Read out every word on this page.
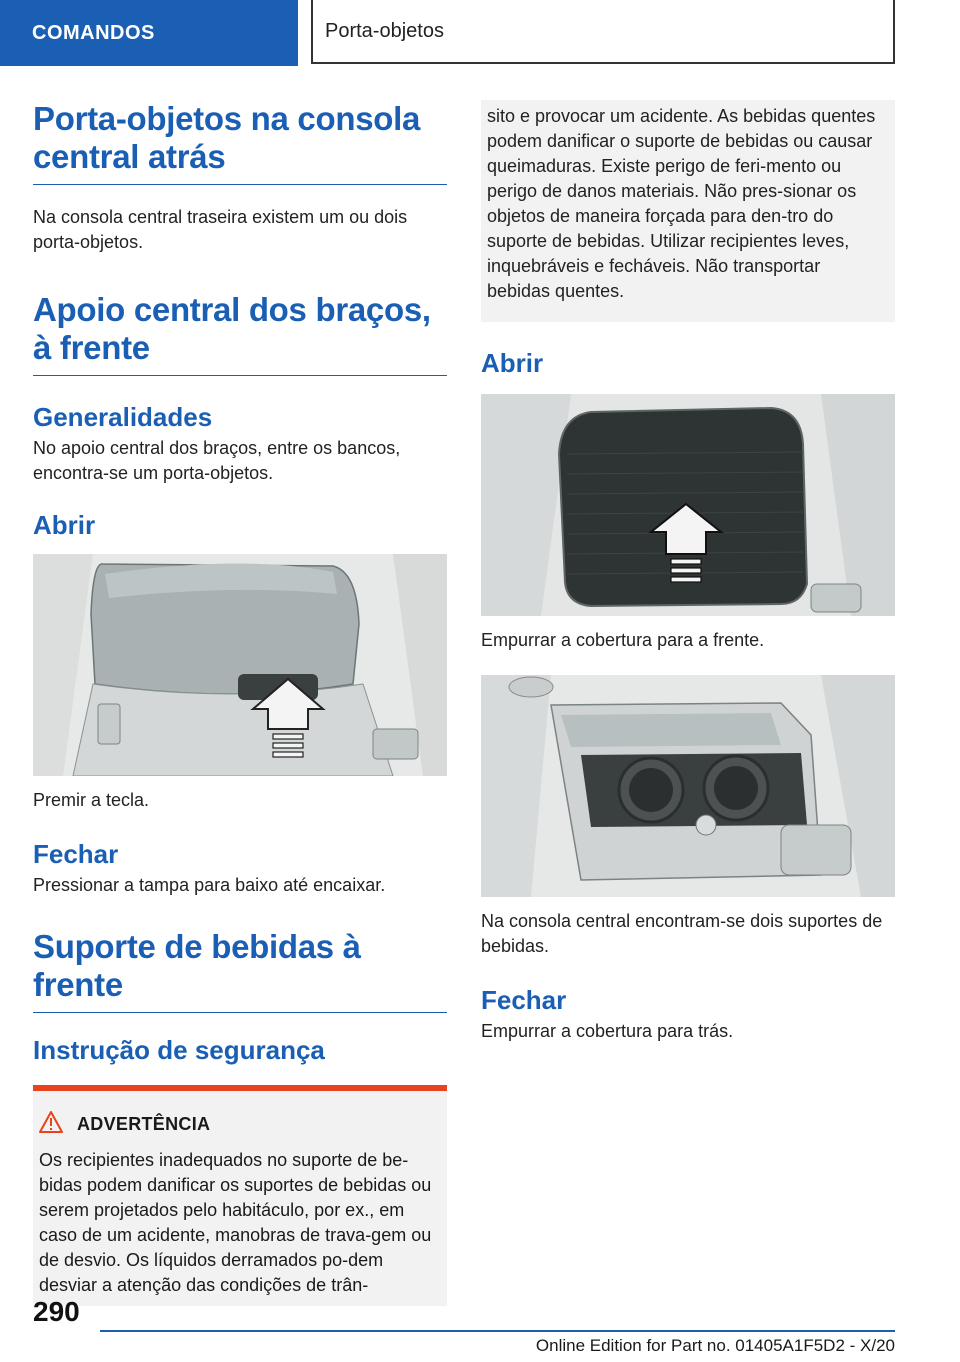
COMANDOS	Porta-objetos
Porta-objetos na consola central atrás

Na consola central traseira existem um ou dois porta-objetos.

Apoio central dos braços, à frente
Generalidades

No apoio central dos braços, entre os bancos, encontra-se um porta-objetos.

Abrir

Premir a tecla.

Fechar

Pressionar a tampa para baixo até encaixar.

Suporte de bebidas à frente
Instrução de segurança
ADVERTÊNCIA
Os recipientes inadequados no suporte de be-bidas podem danificar os suportes de bebidas ou serem projetados pelo habitáculo, por ex., em caso de um acidente, manobras de trava-gem ou de desvio. Os líquidos derramados po-dem desviar a atenção das condições de trân-

sito e provocar um acidente. As bebidas quentes podem danificar o suporte de bebidas ou causar queimaduras. Existe perigo de feri-mento ou perigo de danos materiais. Não pres-sionar os objetos de maneira forçada para den-tro do suporte de bebidas. Utilizar recipientes leves, inquebráveis e fecháveis. Não transportar bebidas quentes.

Abrir

Empurrar a cobertura para a frente.

Na consola central encontram-se dois suportes de bebidas.

Fechar

Empurrar a cobertura para trás.

290
Online Edition for Part no. 01405A1F5D2 - X/20
